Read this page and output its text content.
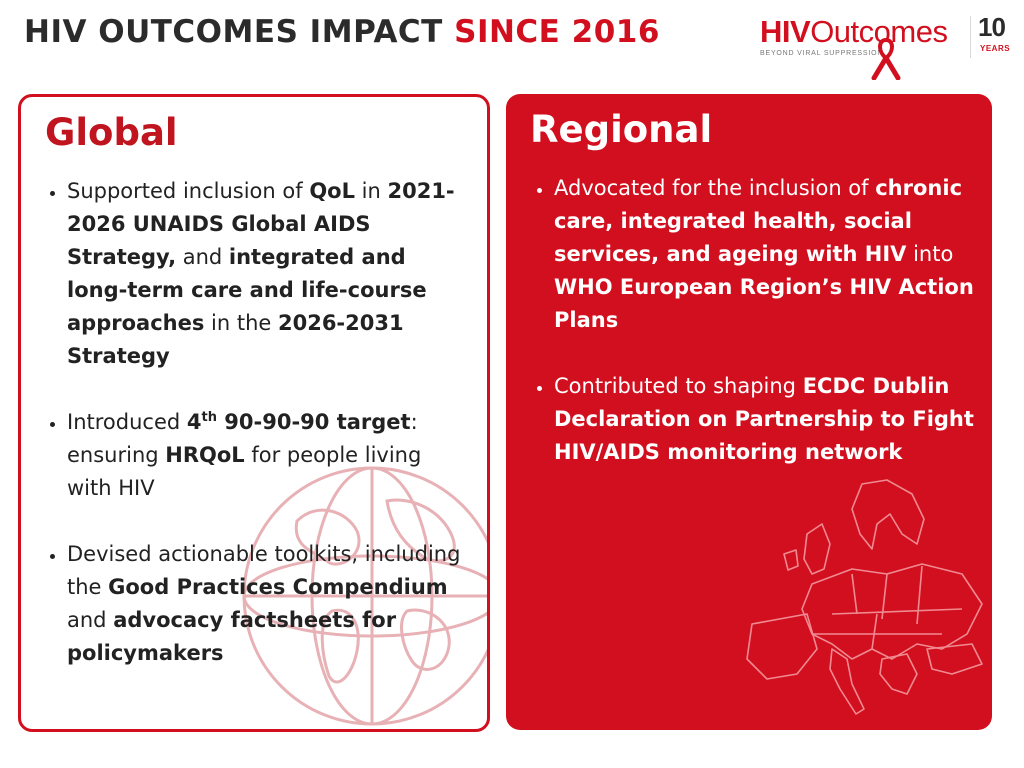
HIV OUTCOMES IMPACT SINCE 2016	HIVOutcomes
BEYOND VIRAL SUPPRESSION
10
YEARS
Global
• Supported inclusion of QoL in 2021-2026 UNAIDS Global AIDS Strategy, and integrated and long-term care and life-course approaches in the 2026-2031 Strategy
• Introduced 4th 90-90-90 target: ensuring HRQoL for people living with HIV
• Devised actionable toolkits, including the Good Practices Compendium and advocacy factsheets for policymakers
Regional
• Advocated for the inclusion of chronic care, integrated health, social services, and ageing with HIV into WHO European Region’s HIV Action Plans
• Contributed to shaping ECDC Dublin Declaration on Partnership to Fight HIV/AIDS monitoring network
